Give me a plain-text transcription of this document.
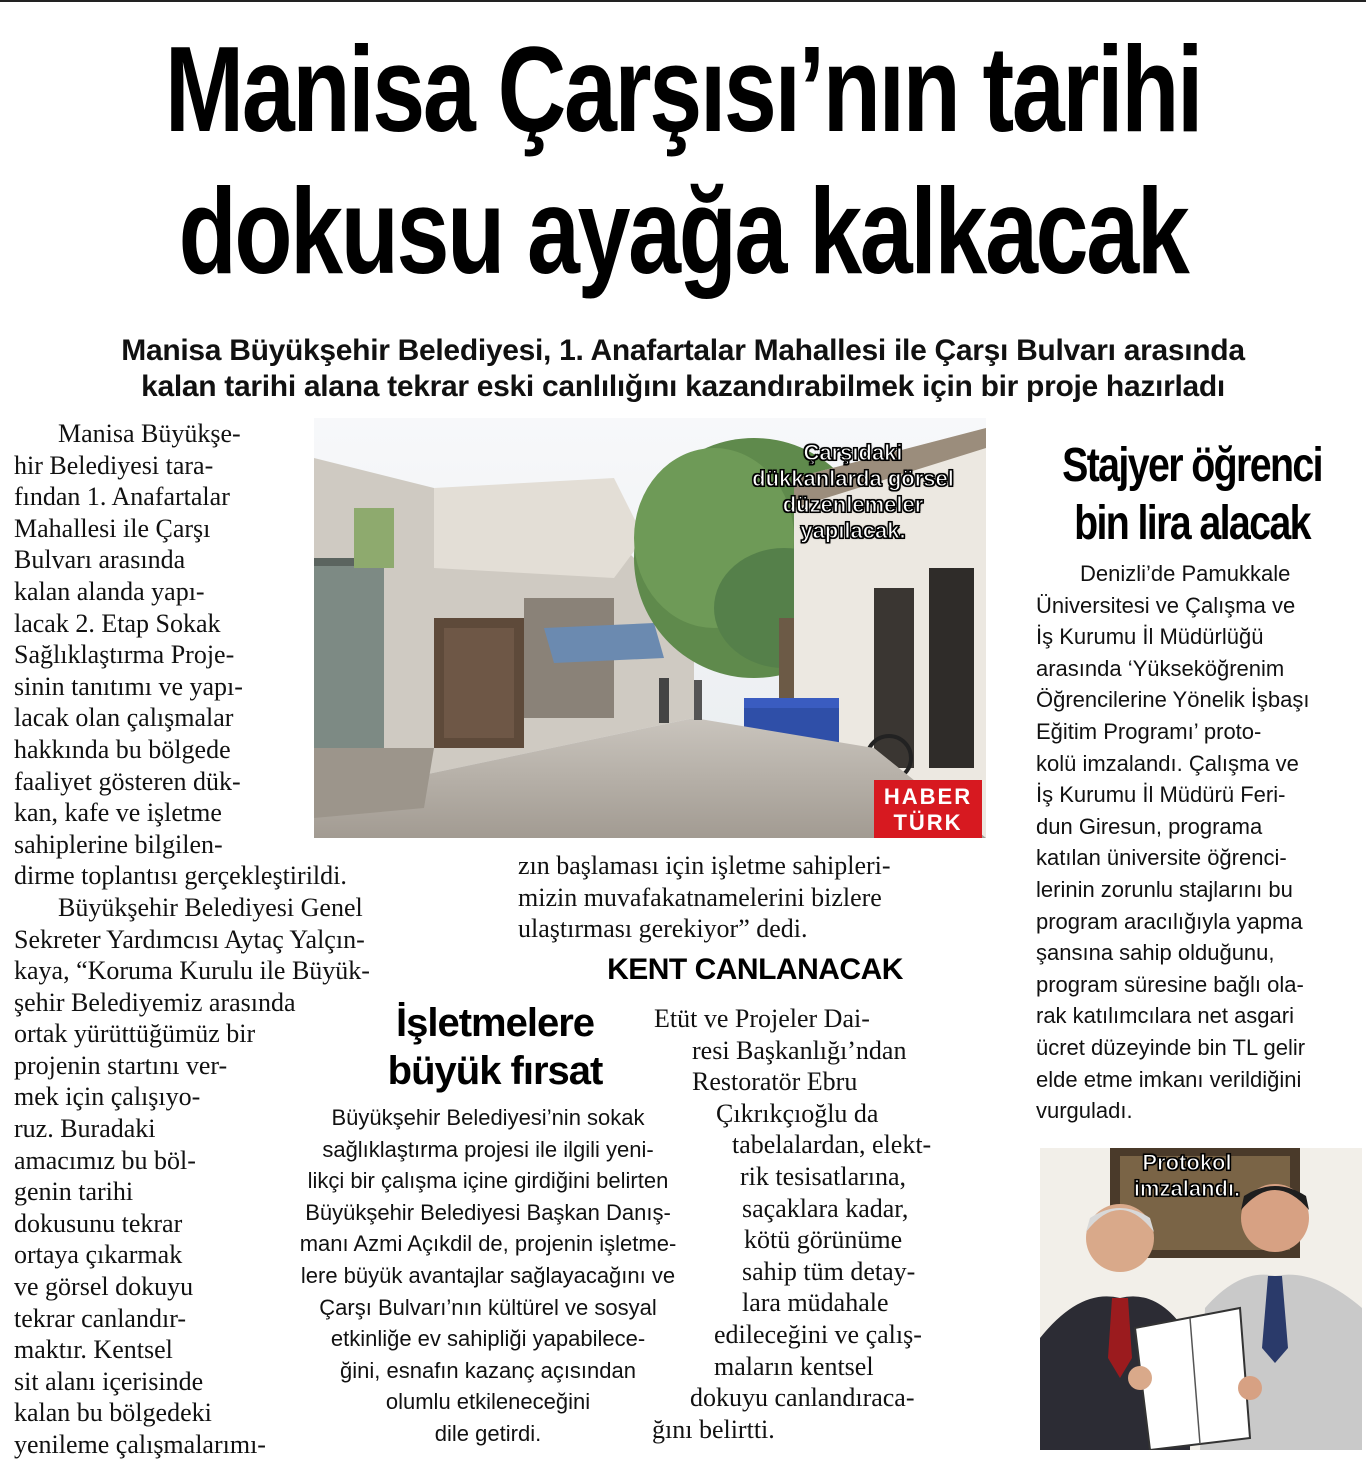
Manisa Çarşısı’nın tarihi
dokusu ayağa kalkacak
Manisa Büyükşehir Belediyesi, 1. Anafartalar Mahallesi ile Çarşı Bulvarı arasında
kalan tarihi alana tekrar eski canlılığını kazandırabilmek için bir proje hazırladı

Manisa Büyükşe-

hir Belediyesi tara-

fından 1. Anafartalar

Mahallesi ile Çarşı

Bulvarı arasında

kalan alanda yapı-

lacak 2. Etap Sokak

Sağlıklaştırma Proje-

sinin tanıtımı ve yapı-

lacak olan çalışmalar

hakkında bu bölgede

faaliyet gösteren dük-

kan, kafe ve işletme

sahiplerine bilgilen-

dirme toplantısı gerçekleştirildi.

Büyükşehir Belediyesi Genel

Sekreter Yardımcısı Aytaç Yalçın-

kaya, “Koruma Kurulu ile Büyük-

şehir Belediyemiz arasında

ortak yürüttüğümüz bir

projenin startını ver-

mek için çalışıyo-

ruz. Buradaki

amacımız bu böl-

genin tarihi

dokusunu tekrar

ortaya çıkarmak

ve görsel dokuyu

tekrar canlandır-

maktır. Kentsel

sit alanı içerisinde

kalan bu bölgedeki

yenileme çalışmalarımı-

Çarşıdaki
dükkanlarda görsel
düzenlemeler
yapılacak.
HABER
TÜRK

zın başlaması için işletme sahipleri-

mizin muvafakatnamelerini bizlere

ulaştırması gerekiyor” dedi.

KENT CANLANACAK
İşletmelere
büyük fırsat

Büyükşehir Belediyesi’nin sokak

sağlıklaştırma projesi ile ilgili yeni-

likçi bir çalışma içine girdiğini belirten

Büyükşehir Belediyesi Başkan Danış-

manı Azmi Açıkdil de, projenin işletme-

lere büyük avantajlar sağlayacağını ve

Çarşı Bulvarı’nın kültürel ve sosyal

etkinliğe ev sahipliği yapabilece-

ğini, esnafın kazanç açısından

olumlu etkileneceğini

dile getirdi.

Etüt ve Projeler Dai-

resi Başkanlığı’ndan

Restoratör Ebru

Çıkrıkçıoğlu da

tabelalardan, elekt-

rik tesisatlarına,

saçaklara kadar,

kötü görünüme

sahip tüm detay-

lara müdahale

edileceğini ve çalış-

maların kentsel

dokuyu canlandıraca-

ğını belirtti.

Stajyer öğrenci
bin lira alacak

Denizli’de Pamukkale

Üniversitesi ve Çalışma ve

İş Kurumu İl Müdürlüğü

arasında ‘Yükseköğrenim

Öğrencilerine Yönelik İşbaşı

Eğitim Programı’ proto-

kolü imzalandı. Çalışma ve

İş Kurumu İl Müdürü Feri-

dun Giresun, programa

katılan üniversite öğrenci-

lerinin zorunlu stajlarını bu

program aracılığıyla yapma

şansına sahip olduğunu,

program süresine bağlı ola-

rak katılımcılara net asgari

ücret düzeyinde bin TL gelir

elde etme imkanı verildiğini

vurguladı.

Protokol
imzalandı.
